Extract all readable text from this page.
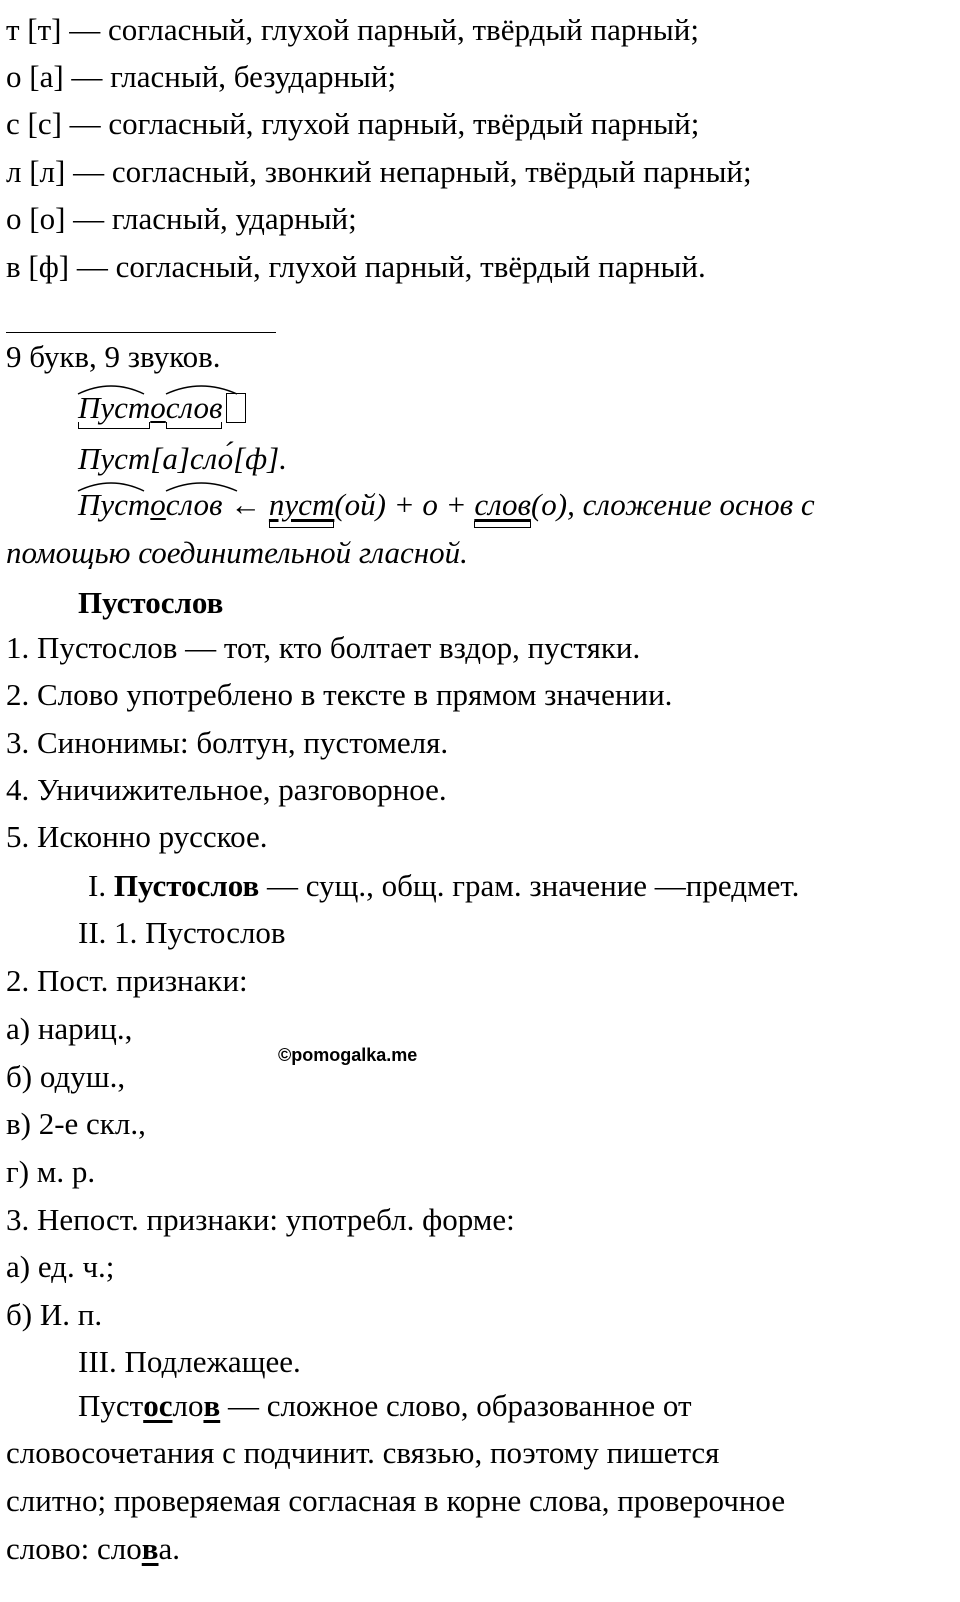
т [т] — согласный, глухой парный, твёрдый парный;
о [а] — гласный, безударный;
с [с] — согласный, глухой парный, твёрдый парный;
л [л] — согласный, звонкий непарный, твёрдый парный;
о [о] — гласный, ударный;
в [ф] — согласный, глухой парный, твёрдый парный.
9 букв, 9 звуков.
Пуст
о
слов
Пуст[а]сло́[ф].
Пусто
слов ← пуст
(ой) + о + слов
(о), сложение основ с
помощью соединительной гласной.
Пустослов
1. Пустослов — тот, кто болтает вздор, пустяки.
2. Слово употреблено в тексте в прямом значении.
3. Синонимы: болтун, пустомеля.
4. Уничижительное, разговорное.
5. Исконно русское.
I. Пустослов — сущ., общ. грам. значение —предмет.
II. 1. Пустослов
2. Пост. признаки:
а) нариц.,
б) одуш.,
в) 2-е скл.,
г) м. р.
3. Непост. признаки: употребл. форме:
а) ед. ч.;
б) И. п.
III. Подлежащее.
Пустослов — сложное слово, образованное от
словосочетания с подчинит. связью, поэтому пишется
слитно; проверяемая согласная в корне слова, проверочное
слово: слова.
©pomogalka.me
